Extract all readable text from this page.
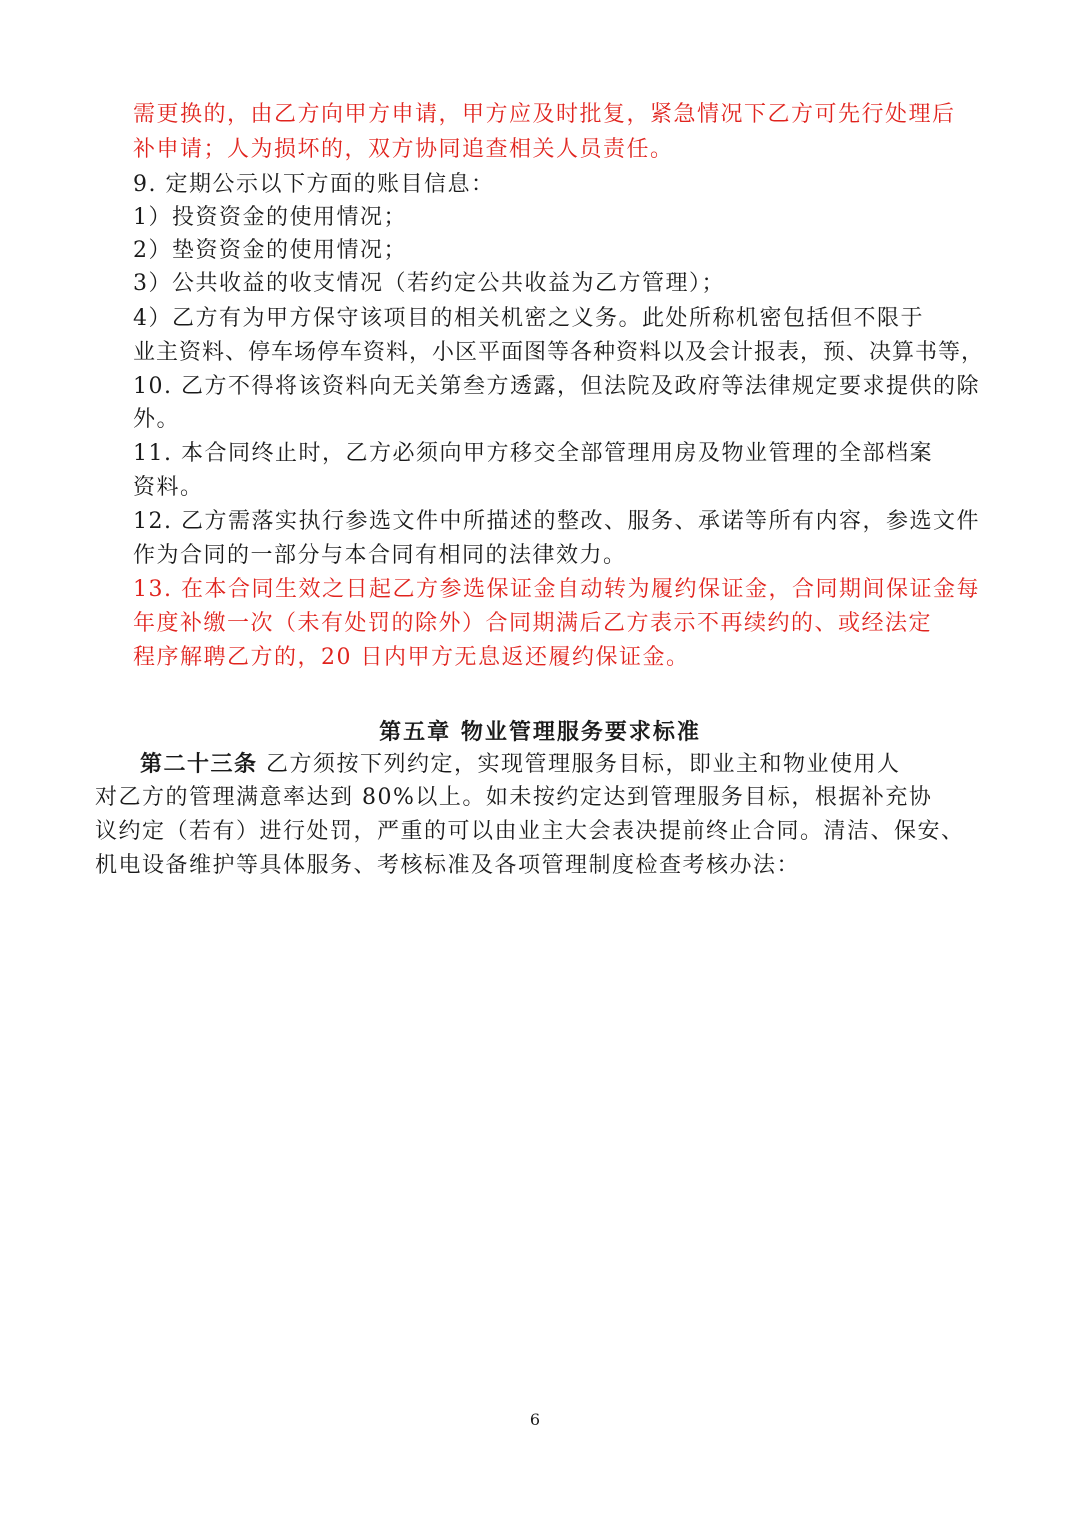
需更换的，由乙方向甲方申请，甲方应及时批复，紧急情况下乙方可先行处理后
补申请；人为损坏的，双方协同追查相关人员责任。
9. 定期公示以下方面的账目信息：
1）投资资金的使用情况；
2）垫资资金的使用情况；
3）公共收益的收支情况（若约定公共收益为乙方管理）；
4）乙方有为甲方保守该项目的相关机密之义务。此处所称机密包括但不限于
业主资料、停车场停车资料，小区平面图等各种资料以及会计报表，预、决算书等，
10. 乙方不得将该资料向无关第叁方透露，但法院及政府等法律规定要求提供的除
外。
11. 本合同终止时，乙方必须向甲方移交全部管理用房及物业管理的全部档案
资料。
12. 乙方需落实执行参选文件中所描述的整改、服务、承诺等所有内容，参选文件
作为合同的一部分与本合同有相同的法律效力。
13. 在本合同生效之日起乙方参选保证金自动转为履约保证金，合同期间保证金每
年度补缴一次（未有处罚的除外）合同期满后乙方表示不再续约的、或经法定
程序解聘乙方的，20 日内甲方无息返还履约保证金。
第五章 物业管理服务要求标准
第二十三条 乙方须按下列约定，实现管理服务目标，即业主和物业使用人
对乙方的管理满意率达到 80%以上。如未按约定达到管理服务目标，根据补充协
议约定（若有）进行处罚，严重的可以由业主大会表决提前终止合同。清洁、保安、
机电设备维护等具体服务、考核标准及各项管理制度检查考核办法：
6
